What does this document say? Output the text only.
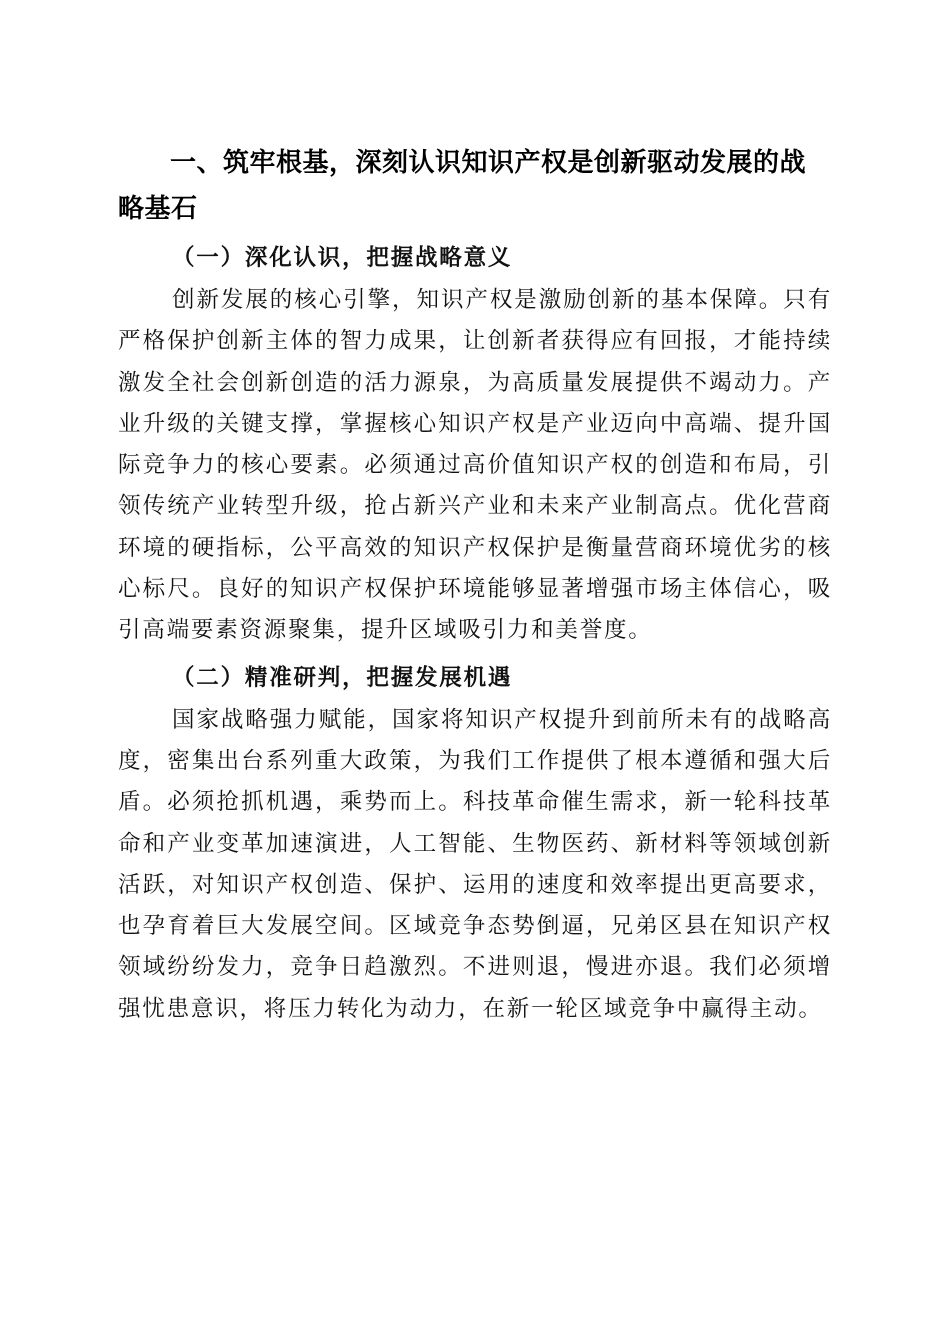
一、筑牢根基，深刻认识知识产权是创新驱动发展的战略基石
（一）深化认识，把握战略意义

创新发展的核心引擎，知识产权是激励创新的基本保障。只有严格保护创新主体的智力成果，让创新者获得应有回报，才能持续激发全社会创新创造的活力源泉，为高质量发展提供不竭动力。产业升级的关键支撑，掌握核心知识产权是产业迈向中高端、提升国际竞争力的核心要素。必须通过高价值知识产权的创造和布局，引领传统产业转型升级，抢占新兴产业和未来产业制高点。优化营商环境的硬指标，公平高效的知识产权保护是衡量营商环境优劣的核心标尺。良好的知识产权保护环境能够显著增强市场主体信心，吸引高端要素资源聚集，提升区域吸引力和美誉度。

（二）精准研判，把握发展机遇

国家战略强力赋能，国家将知识产权提升到前所未有的战略高度，密集出台系列重大政策，为我们工作提供了根本遵循和强大后盾。必须抢抓机遇，乘势而上。科技革命催生需求，新一轮科技革命和产业变革加速演进，人工智能、生物医药、新材料等领域创新活跃，对知识产权创造、保护、运用的速度和效率提出更高要求，也孕育着巨大发展空间。区域竞争态势倒逼，兄弟区县在知识产权领域纷纷发力，竞争日趋激烈。不进则退，慢进亦退。我们必须增强忧患意识，将压力转化为动力，在新一轮区域竞争中赢得主动。
